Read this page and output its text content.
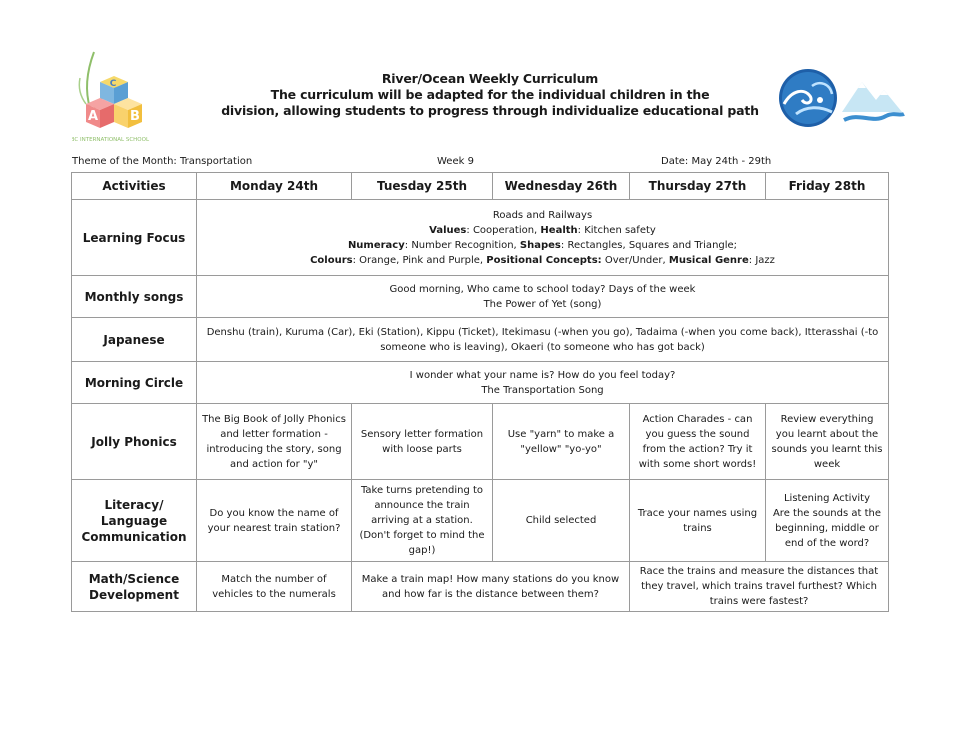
C
A B
ABC INTERNATIONAL SCHOOL
River/Ocean Weekly Curriculum
The curriculum will be adapted for the individual children in the
division, allowing students to progress through individualize educational path
Theme of the Month: Transportation	Week 9	Date: May 24th - 29th
Activities	Monday 24th	Tuesday 25th	Wednesday 26th	Thursday 27th	Friday 28th
Learning Focus	Roads and Railways
Values: Cooperation, Health: Kitchen safety
Numeracy: Number Recognition, Shapes: Rectangles, Squares and Triangle;
Colours: Orange, Pink and Purple, Positional Concepts: Over/Under, Musical Genre: Jazz				

Monthly songs	Good morning, Who came to school today? Days of the week
The Power of Yet (song)				

Japanese	Denshu (train), Kuruma (Car), Eki (Station), Kippu (Ticket), Itekimasu (-when you go), Tadaima (-when you come back), Itterasshai (-to
someone who is leaving), Okaeri (to someone who has got back)				

Morning Circle	I wonder what your name is? How do you feel today?
The Transportation Song				

Jolly Phonics	The Big Book of Jolly Phonics and letter formation - introducing the story, song and action for "y"	Sensory letter formation with loose parts	Use "yarn" to make a "yellow" "yo-yo"	Action Charades - can you guess the sound from the action? Try it with some short words!	Review everything you learnt about the sounds you learnt this week

Literacy/
Language
Communication	Do you know the name of your nearest train station?	Take turns pretending to announce the train arriving at a station.
(Don't forget to mind the gap!)	Child selected	Trace your names using trains	Listening Activity
Are the sounds at the beginning, middle or end of the word?

Math/Science
Development	Match the number of vehicles to the numerals	Make a train map! How many stations do you know and how far is the distance between them?		Race the trains and measure the distances that they travel, which trains travel furthest? Which trains were fastest?	
